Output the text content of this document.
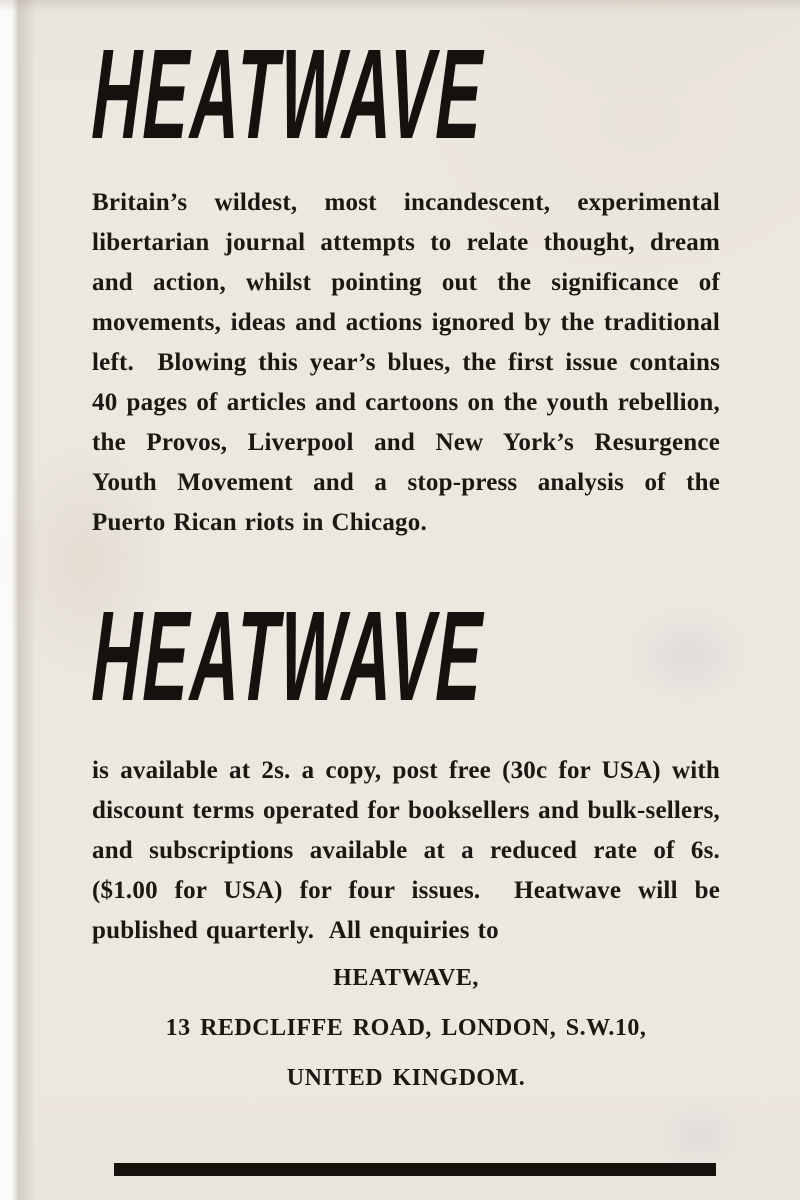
HEATWAVE
Britain’s wildest, most incandescent, experimental
libertarian journal attempts to relate thought, dream
and action, whilst pointing out the significance of
movements, ideas and actions ignored by the traditional
left.  Blowing this year’s blues, the first issue contains
40 pages of articles and cartoons on the youth rebellion,
the Provos, Liverpool and New York’s Resurgence
Youth Movement and a stop-press analysis of the
Puerto Rican riots in Chicago.
HEATWAVE
is available at 2s. a copy, post free (30c for USA) with
discount terms operated for booksellers and bulk-sellers,
and subscriptions available at a reduced rate of 6s.
($1.00 for USA) for four issues.  Heatwave will be
published quarterly.  All enquiries to
HEATWAVE,
13 REDCLIFFE ROAD, LONDON, S.W.10,
UNITED KINGDOM.
